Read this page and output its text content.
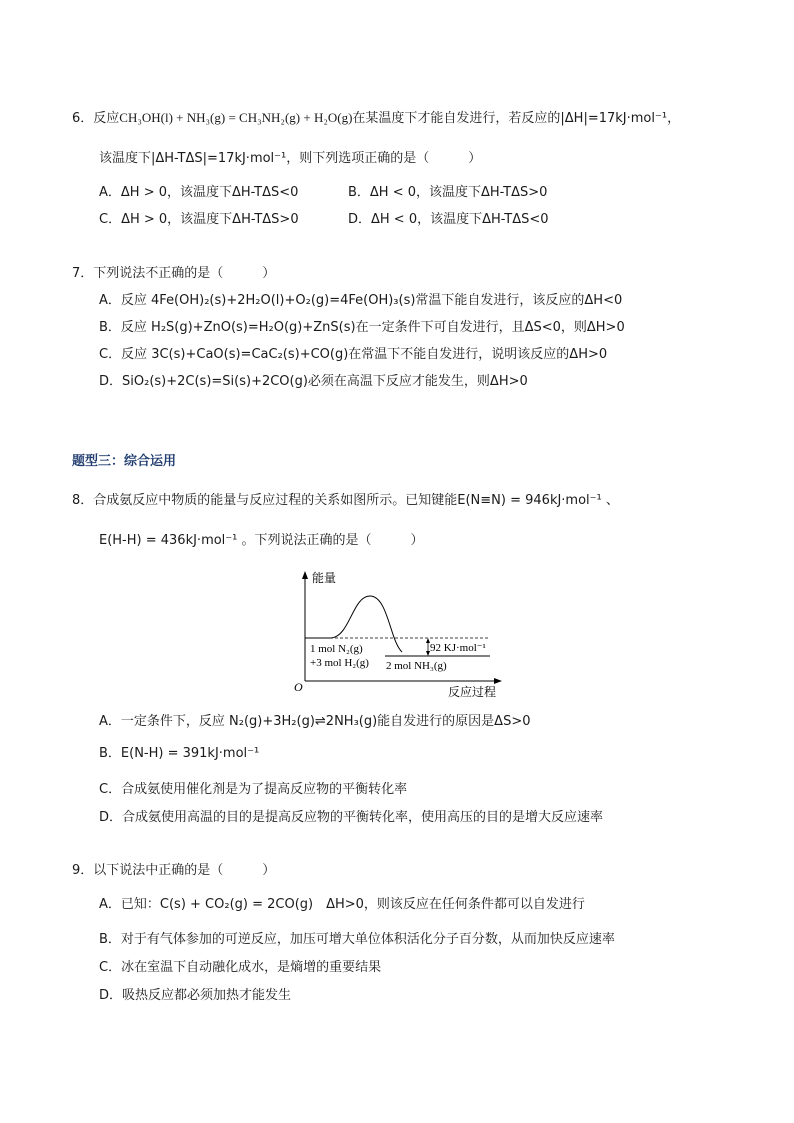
6．反应CH₃OH(l) + NH₃(g) = CH₃NH₂(g) + H₂O(g)在某温度下才能自发进行，若反应的|ΔH|=17kJ·mol⁻¹，
该温度下|ΔH-TΔS|=17kJ·mol⁻¹，则下列选项正确的是（　　　）
A．ΔH > 0，该温度下ΔH-TΔS<0	B．ΔH < 0，该温度下ΔH-TΔS>0
C．ΔH > 0，该温度下ΔH-TΔS>0	D．ΔH < 0，该温度下ΔH-TΔS<0
7．下列说法不正确的是（　　　）
A．反应 4Fe(OH)₂(s)+2H₂O(l)+O₂(g)=4Fe(OH)₃(s)常温下能自发进行，该反应的ΔH<0
B．反应 H₂S(g)+ZnO(s)=H₂O(g)+ZnS(s)在一定条件下可自发进行，且ΔS<0，则ΔH>0
C．反应 3C(s)+CaO(s)=CaC₂(s)+CO(g)在常温下不能自发进行，说明该反应的ΔH>0
D．SiO₂(s)+2C(s)=Si(s)+2CO(g)必须在高温下反应才能发生，则ΔH>0
题型三：综合运用
8．合成氨反应中物质的能量与反应过程的关系如图所示。已知键能E(N≡N) = 946kJ·mol⁻¹ 、
E(H-H) = 436kJ·mol⁻¹ 。下列说法正确的是（　　　）
能量
反应过程
O
1 mol N₂(g)
+3 mol H₂(g) 2 mol NH₃(g)
92 KJ·mol⁻¹
A．一定条件下，反应 N₂(g)+3H₂(g)⇌2NH₃(g)能自发进行的原因是ΔS>0
B．E(N-H) = 391kJ·mol⁻¹
C．合成氨使用催化剂是为了提高反应物的平衡转化率
D．合成氨使用高温的目的是提高反应物的平衡转化率，使用高压的目的是增大反应速率
9．以下说法中正确的是（　　　）
A．已知：C(s) + CO₂(g) = 2CO(g)　ΔH>0，则该反应在任何条件都可以自发进行
B．对于有气体参加的可逆反应，加压可增大单位体积活化分子百分数，从而加快反应速率
C．冰在室温下自动融化成水，是熵增的重要结果
D．吸热反应都必须加热才能发生
